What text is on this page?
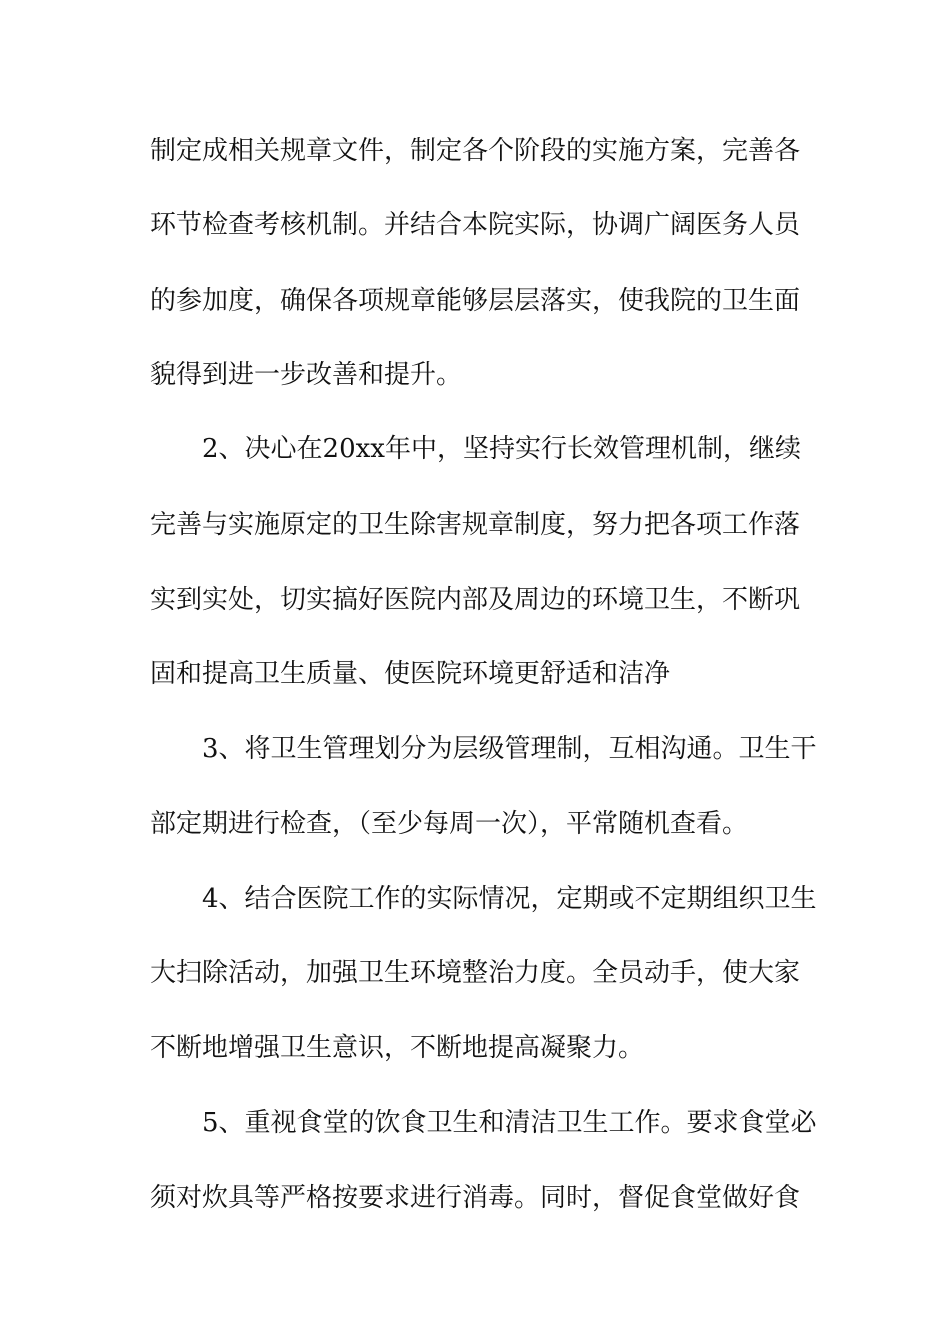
制定成相关规章文件，制定各个阶段的实施方案，完善各

环节检查考核机制。并结合本院实际，协调广阔医务人员

的参加度，确保各项规章能够层层落实，使我院的卫生面

貌得到进一步改善和提升。

2、决心在20xx年中，坚持实行长效管理机制，继续

完善与实施原定的卫生除害规章制度，努力把各项工作落

实到实处，切实搞好医院内部及周边的环境卫生，不断巩

固和提高卫生质量、使医院环境更舒适和洁净

3、将卫生管理划分为层级管理制，互相沟通。卫生干

部定期进行检查，（至少每周一次），平常随机查看。

4、结合医院工作的实际情况，定期或不定期组织卫生

大扫除活动，加强卫生环境整治力度。全员动手，使大家

不断地增强卫生意识，不断地提高凝聚力。

5、重视食堂的饮食卫生和清洁卫生工作。要求食堂必

须对炊具等严格按要求进行消毒。同时，督促食堂做好食
